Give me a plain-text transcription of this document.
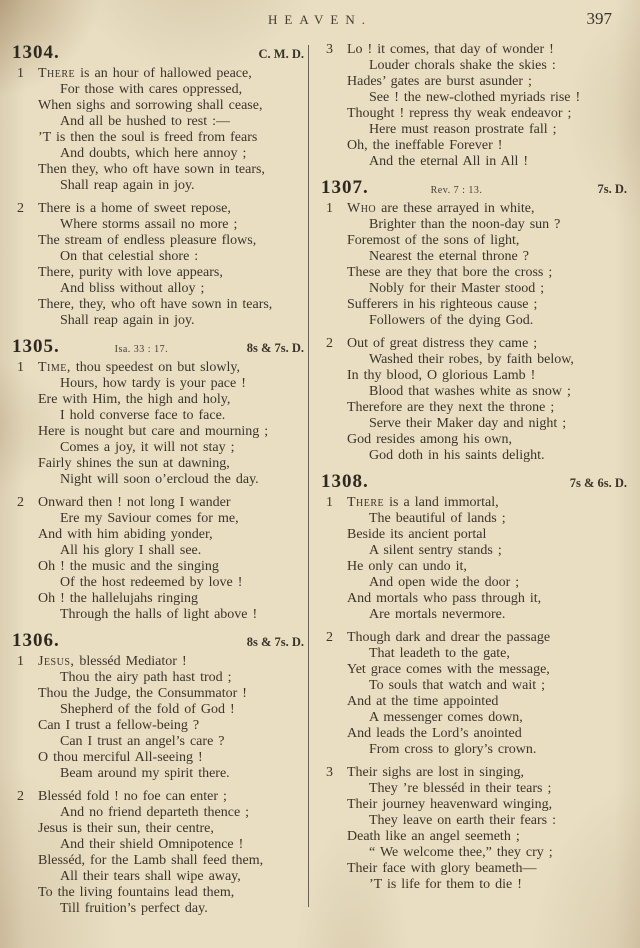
HEAVEN.	397
1304.	C. M. D.
1	There is an hour of hallowed peace,
For those with cares oppressed,
When sighs and sorrowing shall cease,
And all be hushed to rest :—
’T is then the soul is freed from fears
And doubts, which here annoy ;
Then they, who oft have sown in tears,
Shall reap again in joy.
2	There is a home of sweet repose,
Where storms assail no more ;
The stream of endless pleasure flows,
On that celestial shore :
There, purity with love appears,
And bliss without alloy ;
There, they, who oft have sown in tears,
Shall reap again in joy.
1305.	Isa. 33 : 17.	8s & 7s. D.
1	Time, thou speedest on but slowly,
Hours, how tardy is your pace !
Ere with Him, the high and holy,
I hold converse face to face.
Here is nought but care and mourning ;
Comes a joy, it will not stay ;
Fairly shines the sun at dawning,
Night will soon o’ercloud the day.
2	Onward then ! not long I wander
Ere my Saviour comes for me,
And with him abiding yonder,
All his glory I shall see.
Oh ! the music and the singing
Of the host redeemed by love !
Oh ! the hallelujahs ringing
Through the halls of light above !
1306.	8s & 7s. D.
1	Jesus, blesséd Mediator !
Thou the airy path hast trod ;
Thou the Judge, the Consummator !
Shepherd of the fold of God !
Can I trust a fellow-being ?
Can I trust an angel’s care ?
O thou merciful All-seeing !
Beam around my spirit there.
2	Blesséd fold ! no foe can enter ;
And no friend departeth thence ;
Jesus is their sun, their centre,
And their shield Omnipotence !
Blesséd, for the Lamb shall feed them,
All their tears shall wipe away,
To the living fountains lead them,
Till fruition’s perfect day.
3	Lo ! it comes, that day of wonder !
Louder chorals shake the skies :
Hades’ gates are burst asunder ;
See ! the new-clothed myriads rise !
Thought ! repress thy weak endeavor ;
Here must reason prostrate fall ;
Oh, the ineffable Forever !
And the eternal All in All !
1307.	Rev. 7 : 13.	7s. D.
1	Who are these arrayed in white,
Brighter than the noon-day sun ?
Foremost of the sons of light,
Nearest the eternal throne ?
These are they that bore the cross ;
Nobly for their Master stood ;
Sufferers in his righteous cause ;
Followers of the dying God.
2	Out of great distress they came ;
Washed their robes, by faith below,
In thy blood, O glorious Lamb !
Blood that washes white as snow ;
Therefore are they next the throne ;
Serve their Maker day and night ;
God resides among his own,
God doth in his saints delight.
1308.	7s & 6s. D.
1	There is a land immortal,
The beautiful of lands ;
Beside its ancient portal
A silent sentry stands ;
He only can undo it,
And open wide the door ;
And mortals who pass through it,
Are mortals nevermore.
2	Though dark and drear the passage
That leadeth to the gate,
Yet grace comes with the message,
To souls that watch and wait ;
And at the time appointed
A messenger comes down,
And leads the Lord’s anointed
From cross to glory’s crown.
3	Their sighs are lost in singing,
They ’re blesséd in their tears ;
Their journey heavenward winging,
They leave on earth their fears :
Death like an angel seemeth ;
“ We welcome thee,” they cry ;
Their face with glory beameth—
’T is life for them to die !
